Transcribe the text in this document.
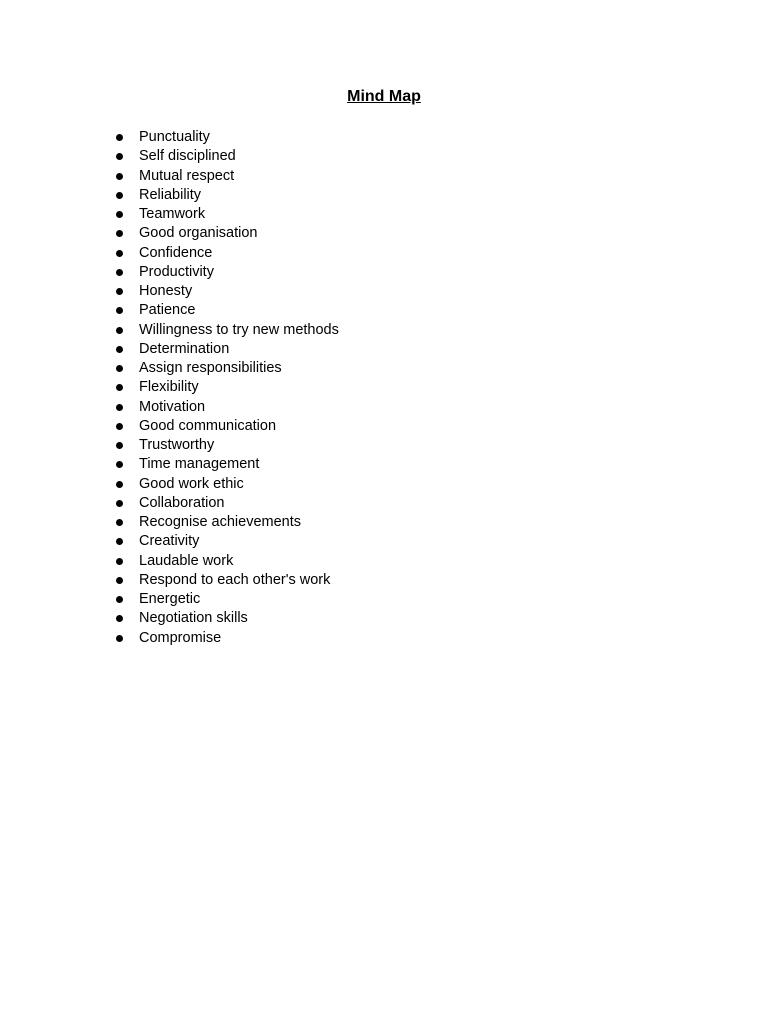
Mind Map
Punctuality
Self disciplined
Mutual respect
Reliability
Teamwork
Good organisation
Confidence
Productivity
Honesty
Patience
Willingness to try new methods
Determination
Assign responsibilities
Flexibility
Motivation
Good communication
Trustworthy
Time management
Good work ethic
Collaboration
Recognise achievements
Creativity
Laudable work
Respond to each other's work
Energetic
Negotiation skills
Compromise
